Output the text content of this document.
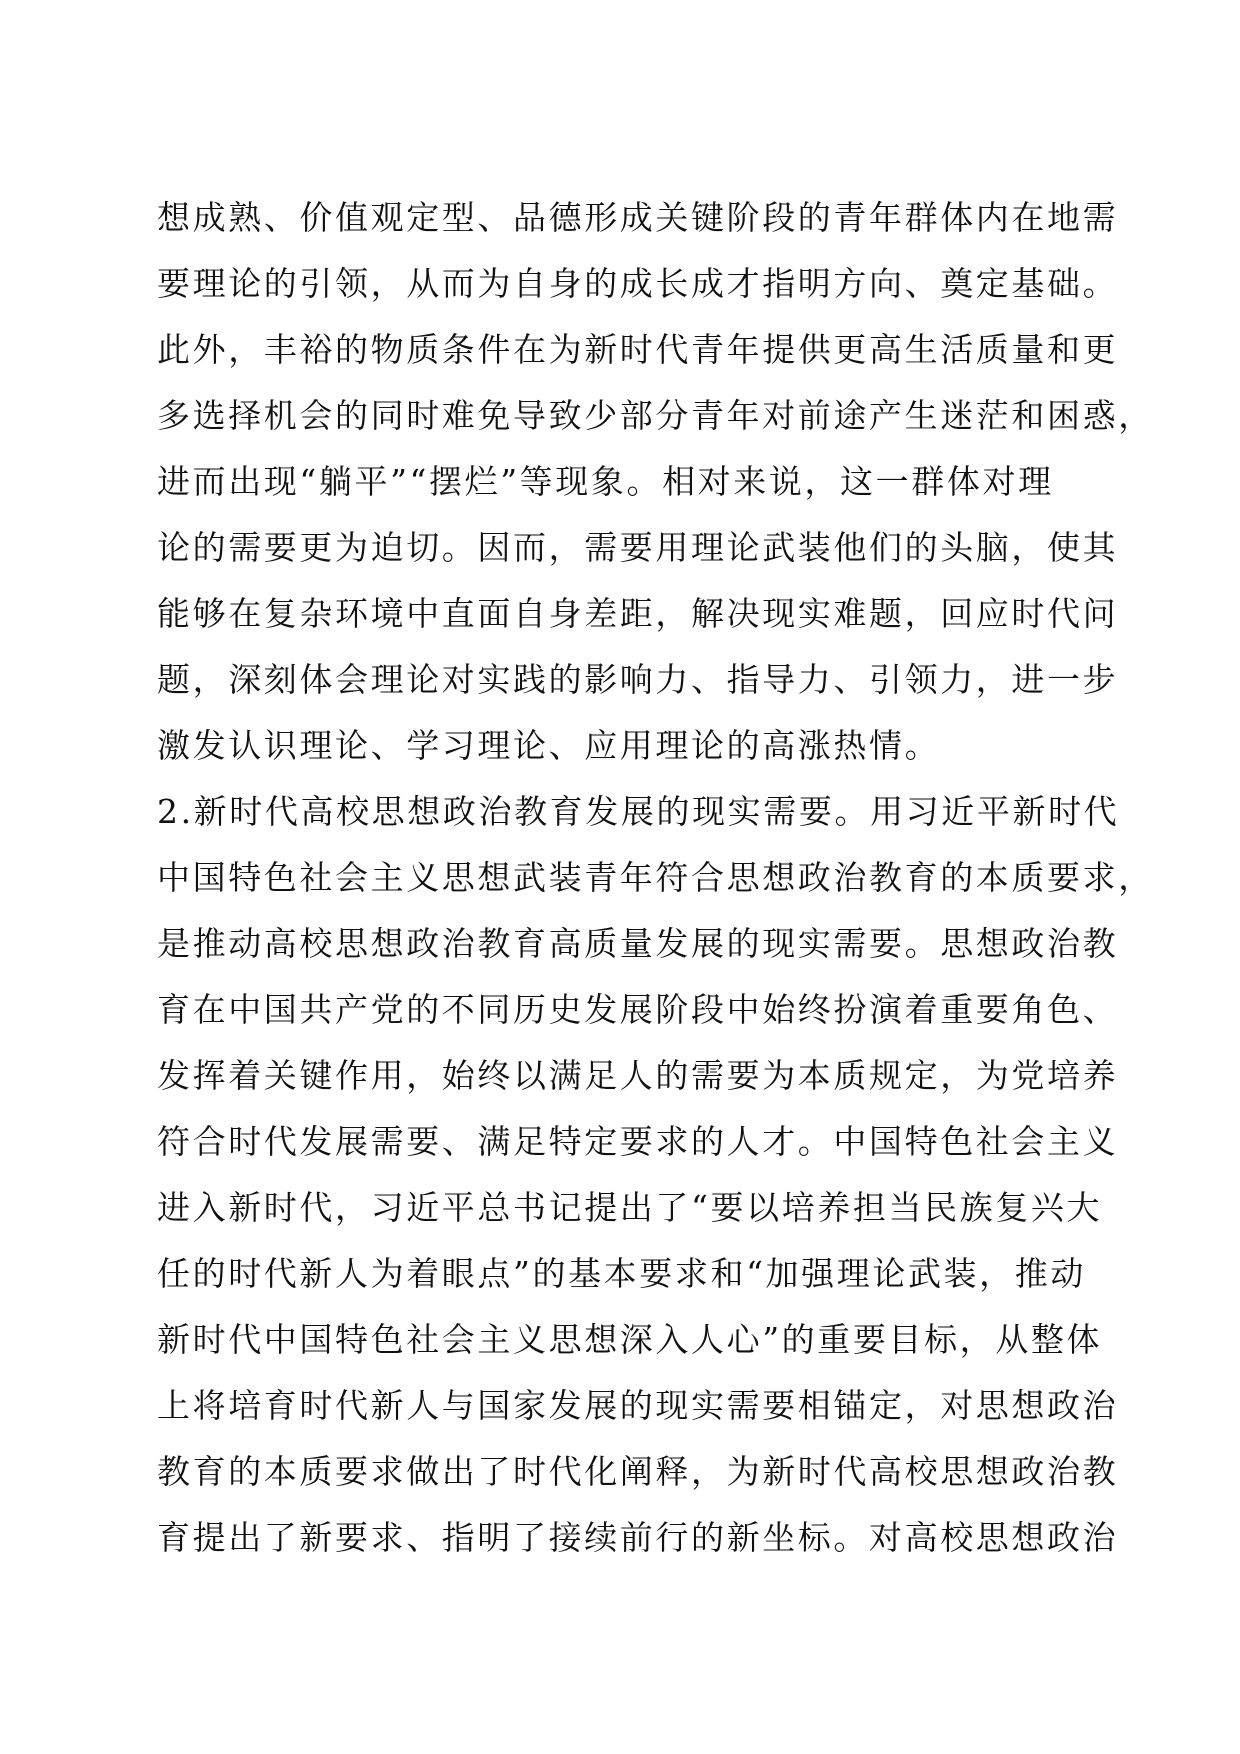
想成熟、价值观定型、品德形成关键阶段的青年群体内在地需
要理论的引领，从而为自身的成长成才指明方向、奠定基础。
此外，丰裕的物质条件在为新时代青年提供更高生活质量和更
多选择机会的同时难免导致少部分青年对前途产生迷茫和困惑，
进而出现“躺平”“摆烂”等现象。相对来说，这一群体对理
论的需要更为迫切。因而，需要用理论武装他们的头脑，使其
能够在复杂环境中直面自身差距，解决现实难题，回应时代问
题，深刻体会理论对实践的影响力、指导力、引领力，进一步
激发认识理论、学习理论、应用理论的高涨热情。
2.新时代高校思想政治教育发展的现实需要。用习近平新时代
中国特色社会主义思想武装青年符合思想政治教育的本质要求，
是推动高校思想政治教育高质量发展的现实需要。思想政治教
育在中国共产党的不同历史发展阶段中始终扮演着重要角色、
发挥着关键作用，始终以满足人的需要为本质规定，为党培养
符合时代发展需要、满足特定要求的人才。中国特色社会主义
进入新时代，习近平总书记提出了“要以培养担当民族复兴大
任的时代新人为着眼点”的基本要求和“加强理论武装，推动
新时代中国特色社会主义思想深入人心”的重要目标，从整体
上将培育时代新人与国家发展的现实需要相锚定，对思想政治
教育的本质要求做出了时代化阐释，为新时代高校思想政治教
育提出了新要求、指明了接续前行的新坐标。对高校思想政治
